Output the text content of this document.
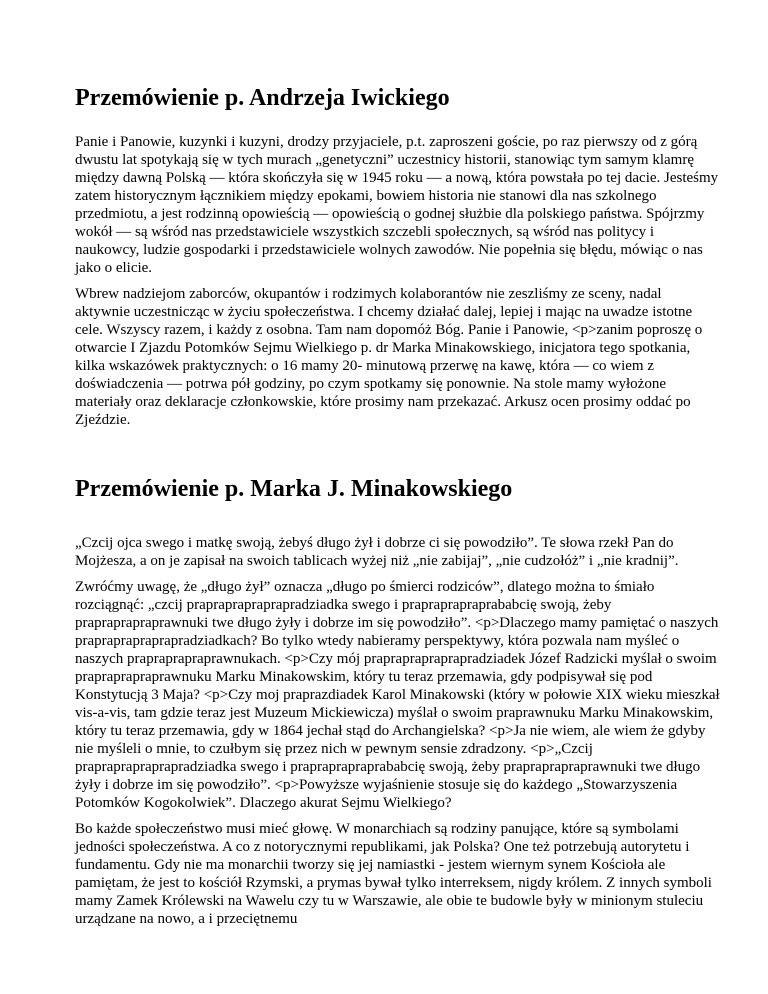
Przemówienie p. Andrzeja Iwickiego

Panie i Panowie, kuzynki i kuzyni, drodzy przyjaciele, p.t. zaproszeni goście, po raz pierwszy od z górą dwustu lat spotykają się w tych murach „genetyczni” uczestnicy historii, stanowiąc tym samym klamrę między dawną Polską — która skończyła się w 1945 roku — a nową, która powstała po tej dacie. Jesteśmy zatem historycznym łącznikiem między epokami, bowiem historia nie stanowi dla nas szkolnego przedmiotu, a jest rodzinną opowieścią — opowieścią o godnej służbie dla polskiego państwa. Spójrzmy wokół — są wśród nas przedstawiciele wszystkich szczebli społecznych, są wśród nas politycy i naukowcy, ludzie gospodarki i przedstawiciele wolnych zawodów. Nie popełnia się błędu, mówiąc o nas jako o elicie.

Wbrew nadziejom zaborców, okupantów i rodzimych kolaborantów nie zeszliśmy ze sceny, nadal aktywnie uczestnicząc w życiu społeczeństwa. I chcemy działać dalej, lepiej i mając na uwadze istotne cele. Wszyscy razem, i każdy z osobna. Tam nam dopomóż Bóg. Panie i Panowie, <p>zanim poproszę o otwarcie I Zjazdu Potomków Sejmu Wielkiego p. dr Marka Minakowskiego, inicjatora tego spotkania, kilka wskazówek praktycznych: o 16 mamy 20- minutową przerwę na kawę, która — co wiem z doświadczenia — potrwa pół godziny, po czym spotkamy się ponownie. Na stole mamy wyłożone materiały oraz deklaracje członkowskie, które prosimy nam przekazać. Arkusz ocen prosimy oddać po Zjeździe.

Przemówienie p. Marka J. Minakowskiego

„Czcij ojca swego i matkę swoją, żebyś długo żył i dobrze ci się powodziło”. Te słowa rzekł Pan do Mojżesza, a on je zapisał na swoich tablicach wyżej niż „nie zabijaj”, „nie cudzołóż” i „nie kradnij”.

Zwróćmy uwagę, że „długo żył” oznacza „długo po śmierci rodziców”, dlatego można to śmiało rozciągnąć: „czcij prapraprapraprapradziadka swego i prapraprapraprababcię swoją, żeby prapraprapraprawnuki twe długo żyły i dobrze im się powodziło”. <p>Dlaczego mamy pamiętać o naszych prapraprapraprapradziadkach? Bo tylko wtedy nabieramy perspektywy, która pozwala nam myśleć o naszych prapraprapraprawnukach. <p>Czy mój prapraprapraprapradziadek Józef Radzicki myślał o swoim prapraprapraprawnuku Marku Minakowskim, który tu teraz przemawia, gdy podpisywał się pod Konstytucją 3 Maja? <p>Czy moj praprazdiadek Karol Minakowski (który w połowie XIX wieku mieszkał vis-a-vis, tam gdzie teraz jest Muzeum Mickiewicza) myślał o swoim praprawnuku Marku Minakowskim, który tu teraz przemawia, gdy w 1864 jechał stąd do Archangielska? <p>Ja nie wiem, ale wiem że gdyby nie myśleli o mnie, to czułbym się przez nich w pewnym sensie zdradzony. <p>„Czcij prapraprapraprapradziadka swego i prapraprapraprababcię swoją, żeby prapraprapraprawnuki twe długo żyły i dobrze im się powodziło”. <p>Powyższe wyjaśnienie stosuje się do każdego „Stowarzyszenia Potomków Kogokolwiek”. Dlaczego akurat Sejmu Wielkiego?

Bo każde społeczeństwo musi mieć głowę. W monarchiach są rodziny panujące, które są symbolami jedności społeczeństwa. A co z notorycznymi republikami, jak Polska? One też potrzebują autorytetu i fundamentu. Gdy nie ma monarchii tworzy się jej namiastki - jestem wiernym synem Kościoła ale pamiętam, że jest to kościół Rzymski, a prymas bywał tylko interreksem, nigdy królem. Z innych symboli mamy Zamek Królewski na Wawelu czy tu w Warszawie, ale obie te budowle były w minionym stuleciu urządzane na nowo, a i przeciętnemu
